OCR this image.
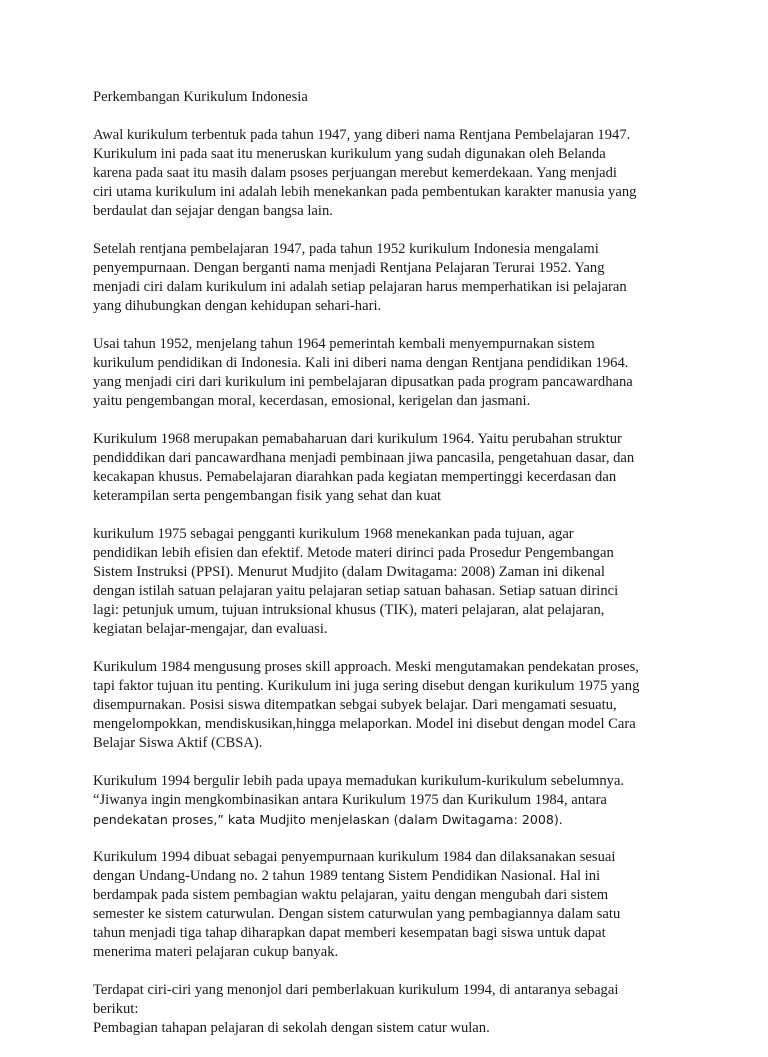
Perkembangan Kurikulum Indonesia
Awal kurikulum terbentuk pada tahun 1947, yang diberi nama Rentjana Pembelajaran 1947.
Kurikulum ini pada saat itu meneruskan kurikulum yang sudah digunakan oleh Belanda
karena pada saat itu masih dalam psoses perjuangan merebut kemerdekaan. Yang menjadi
ciri utama kurikulum ini adalah lebih menekankan pada pembentukan karakter manusia yang
berdaulat dan sejajar dengan bangsa lain.
Setelah rentjana pembelajaran 1947, pada tahun 1952 kurikulum Indonesia mengalami
penyempurnaan. Dengan berganti nama menjadi Rentjana Pelajaran Terurai 1952. Yang
menjadi ciri dalam kurikulum ini adalah setiap pelajaran harus memperhatikan isi pelajaran
yang dihubungkan dengan kehidupan sehari-hari.
Usai tahun 1952, menjelang tahun 1964 pemerintah kembali menyempurnakan sistem
kurikulum pendidikan di Indonesia. Kali ini diberi nama dengan Rentjana pendidikan 1964.
yang menjadi ciri dari kurikulum ini pembelajaran dipusatkan pada program pancawardhana
yaitu pengembangan moral, kecerdasan, emosional, kerigelan dan jasmani.
Kurikulum 1968 merupakan pemabaharuan dari kurikulum 1964. Yaitu perubahan struktur
pendiddikan dari pancawardhana menjadi pembinaan jiwa pancasila, pengetahuan dasar, dan
kecakapan khusus. Pemabelajaran diarahkan pada kegiatan mempertinggi kecerdasan dan
keterampilan serta pengembangan fisik yang sehat dan kuat
kurikulum 1975 sebagai pengganti kurikulum 1968 menekankan pada tujuan, agar
pendidikan lebih efisien dan efektif. Metode materi dirinci pada Prosedur Pengembangan
Sistem Instruksi (PPSI). Menurut Mudjito (dalam Dwitagama: 2008) Zaman ini dikenal
dengan istilah satuan pelajaran yaitu pelajaran setiap satuan bahasan. Setiap satuan dirinci
lagi: petunjuk umum, tujuan intruksional khusus (TIK), materi pelajaran, alat pelajaran,
kegiatan belajar-mengajar, dan evaluasi.
Kurikulum 1984 mengusung proses skill approach. Meski mengutamakan pendekatan proses,
tapi faktor tujuan itu penting. Kurikulum ini juga sering disebut dengan kurikulum 1975 yang
disempurnakan. Posisi siswa ditempatkan sebgai subyek belajar. Dari mengamati sesuatu,
mengelompokkan, mendiskusikan,hingga melaporkan. Model ini disebut dengan model Cara
Belajar Siswa Aktif (CBSA).
Kurikulum 1994 bergulir lebih pada upaya memadukan kurikulum-kurikulum sebelumnya.
“Jiwanya ingin mengkombinasikan antara Kurikulum 1975 dan Kurikulum 1984, antara
pendekatan proses,” kata Mudjito menjelaskan (dalam Dwitagama: 2008).
Kurikulum 1994 dibuat sebagai penyempurnaan kurikulum 1984 dan dilaksanakan sesuai
dengan Undang-Undang no. 2 tahun 1989 tentang Sistem Pendidikan Nasional. Hal ini
berdampak pada sistem pembagian waktu pelajaran, yaitu dengan mengubah dari sistem
semester ke sistem caturwulan. Dengan sistem caturwulan yang pembagiannya dalam satu
tahun menjadi tiga tahap diharapkan dapat memberi kesempatan bagi siswa untuk dapat
menerima materi pelajaran cukup banyak.
Terdapat ciri-ciri yang menonjol dari pemberlakuan kurikulum 1994, di antaranya sebagai
berikut:
Pembagian tahapan pelajaran di sekolah dengan sistem catur wulan.
